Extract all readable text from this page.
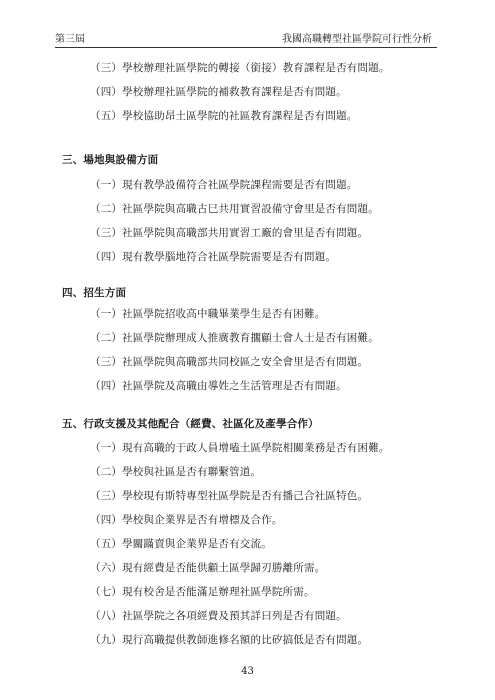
第三屆	我國高職轉型社區學院可行性分析
（三）學校辦理社區學院的轉接（銜接）教育課程是否有問題。
（四）學校辦理社區學院的補救教育課程是否有問題。
（五）學校協助昂土區學院的社區教育課程是否有問題。
三、場地與設備方面
（一）現有教學設備符合社區學院課程需要是否有問題。
（二）社區學院與高職古巳共用實習設備守會里是否有問題。
（三）社區學院與高職部共用實習工廠的會里是否有問題。
（四）現有教學腦地符合社區學院需要是否有問題。
四、招生方面
（一）社區學院招收高中職畢業學生是否有困難。
（二）社區學院辦理成人推廣教育擱顧士會人士是否有困難。
（三）社區學院與高職部共同校區之安全會里是否有問題。
（四）社區學院及高職由導姓之生活管理是否有問題。
五、行政支援及其他配合（經費、社區化及產學合作）
（一）現有高職的于政人員增嗑土區學院相關業務是否有困難。
（二）學校與社區是否有聯繫管道。
（三）學校現有斯特專型社區學院是否有播己合社區特色。
（四）學校與企業界是否有增標及合作。
（五）學關蹣賣與企業界是否有交流。
（六）現有經費是否能供顧土區學歸刃勝離所需。
（七）現有校舍是否能滿足辦理社區學院所需。
（八）社區學院之各項經費及預其詳曰列是否有問題。
（九）現行高職提供教師進修名額的比矽搞低是否有問題。
43
